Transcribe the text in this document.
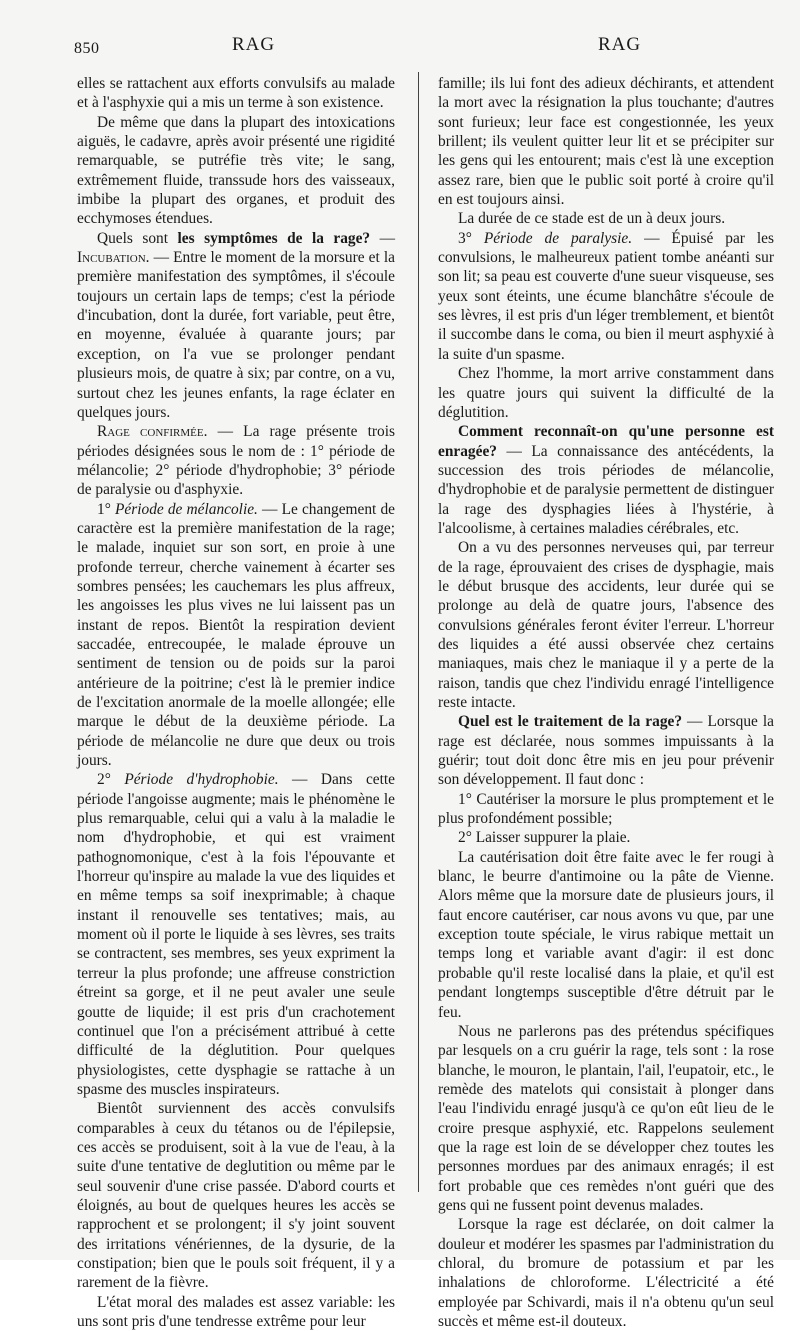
850	RAG	RAG

elles se rattachent aux efforts convulsifs au malade et à l'asphyxie qui a mis un terme à son existence.

De même que dans la plupart des intoxications aiguës, le cadavre, après avoir présenté une rigidité remarquable, se putréfie très vite; le sang, extrêmement fluide, transsude hors des vaisseaux, imbibe la plupart des organes, et produit des ecchymoses étendues.

Quels sont les symptômes de la rage? — Incubation. — Entre le moment de la morsure et la première manifestation des symptômes, il s'écoule toujours un certain laps de temps; c'est la période d'incubation, dont la durée, fort variable, peut être, en moyenne, évaluée à quarante jours; par exception, on l'a vue se prolonger pendant plusieurs mois, de quatre à six; par contre, on a vu, surtout chez les jeunes enfants, la rage éclater en quelques jours.

Rage confirmée. — La rage présente trois périodes désignées sous le nom de : 1° période de mélancolie; 2° période d'hydrophobie; 3° période de paralysie ou d'asphyxie.

1° Période de mélancolie. — Le changement de caractère est la première manifestation de la rage; le malade, inquiet sur son sort, en proie à une profonde terreur, cherche vainement à écarter ses sombres pensées; les cauchemars les plus affreux, les angoisses les plus vives ne lui laissent pas un instant de repos. Bientôt la respiration devient saccadée, entrecoupée, le malade éprouve un sentiment de tension ou de poids sur la paroi antérieure de la poitrine; c'est là le premier indice de l'excitation anormale de la moelle allongée; elle marque le début de la deuxième période. La période de mélancolie ne dure que deux ou trois jours.

2° Période d'hydrophobie. — Dans cette période l'angoisse augmente; mais le phénomène le plus remarquable, celui qui a valu à la maladie le nom d'hydrophobie, et qui est vraiment pathognomonique, c'est à la fois l'épouvante et l'horreur qu'inspire au malade la vue des liquides et en même temps sa soif inexprimable; à chaque instant il renouvelle ses tentatives; mais, au moment où il porte le liquide à ses lèvres, ses traits se contractent, ses membres, ses yeux expriment la terreur la plus profonde; une affreuse constriction étreint sa gorge, et il ne peut avaler une seule goutte de liquide; il est pris d'un crachotement continuel que l'on a précisément attribué à cette difficulté de la déglutition. Pour quelques physiologistes, cette dysphagie se rattache à un spasme des muscles inspirateurs.

Bientôt surviennent des accès convulsifs comparables à ceux du tétanos ou de l'épilepsie, ces accès se produisent, soit à la vue de l'eau, à la suite d'une tentative de deglutition ou même par le seul souvenir d'une crise passée. D'abord courts et éloignés, au bout de quelques heures les accès se rapprochent et se prolongent; il s'y joint souvent des irritations vénériennes, de la dysurie, de la constipation; bien que le pouls soit fréquent, il y a rarement de la fièvre.

L'état moral des malades est assez variable: les uns sont pris d'une tendresse extrême pour leur

famille; ils lui font des adieux déchirants, et attendent la mort avec la résignation la plus touchante; d'autres sont furieux; leur face est congestionnée, les yeux brillent; ils veulent quitter leur lit et se précipiter sur les gens qui les entourent; mais c'est là une exception assez rare, bien que le public soit porté à croire qu'il en est toujours ainsi.

La durée de ce stade est de un à deux jours.

3° Période de paralysie. — Épuisé par les convulsions, le malheureux patient tombe anéanti sur son lit; sa peau est couverte d'une sueur visqueuse, ses yeux sont éteints, une écume blanchâtre s'écoule de ses lèvres, il est pris d'un léger tremblement, et bientôt il succombe dans le coma, ou bien il meurt asphyxié à la suite d'un spasme.

Chez l'homme, la mort arrive constamment dans les quatre jours qui suivent la difficulté de la déglutition.

Comment reconnaît-on qu'une personne est enragée? — La connaissance des antécédents, la succession des trois périodes de mélancolie, d'hydrophobie et de paralysie permettent de distinguer la rage des dysphagies liées à l'hystérie, à l'alcoolisme, à certaines maladies cérébrales, etc.

On a vu des personnes nerveuses qui, par terreur de la rage, éprouvaient des crises de dysphagie, mais le début brusque des accidents, leur durée qui se prolonge au delà de quatre jours, l'absence des convulsions générales feront éviter l'erreur. L'horreur des liquides a été aussi observée chez certains maniaques, mais chez le maniaque il y a perte de la raison, tandis que chez l'individu enragé l'intelligence reste intacte.

Quel est le traitement de la rage? — Lorsque la rage est déclarée, nous sommes impuissants à la guérir; tout doit donc être mis en jeu pour prévenir son développement. Il faut donc :

1° Cautériser la morsure le plus promptement et le plus profondément possible;

2° Laisser suppurer la plaie.

La cautérisation doit être faite avec le fer rougi à blanc, le beurre d'antimoine ou la pâte de Vienne. Alors même que la morsure date de plusieurs jours, il faut encore cautériser, car nous avons vu que, par une exception toute spéciale, le virus rabique mettait un temps long et variable avant d'agir: il est donc probable qu'il reste localisé dans la plaie, et qu'il est pendant longtemps susceptible d'être détruit par le feu.

Nous ne parlerons pas des prétendus spécifiques par lesquels on a cru guérir la rage, tels sont : la rose blanche, le mouron, le plantain, l'ail, l'eupatoir, etc., le remède des matelots qui consistait à plonger dans l'eau l'individu enragé jusqu'à ce qu'on eût lieu de le croire presque asphyxié, etc. Rappelons seulement que la rage est loin de se développer chez toutes les personnes mordues par des animaux enragés; il est fort probable que ces remèdes n'ont guéri que des gens qui ne fussent point devenus malades.

Lorsque la rage est déclarée, on doit calmer la douleur et modérer les spasmes par l'administration du chloral, du bromure de potassium et par les inhalations de chloroforme. L'électricité a été employée par Schivardi, mais il n'a obtenu qu'un seul succès et même est-il douteux.
